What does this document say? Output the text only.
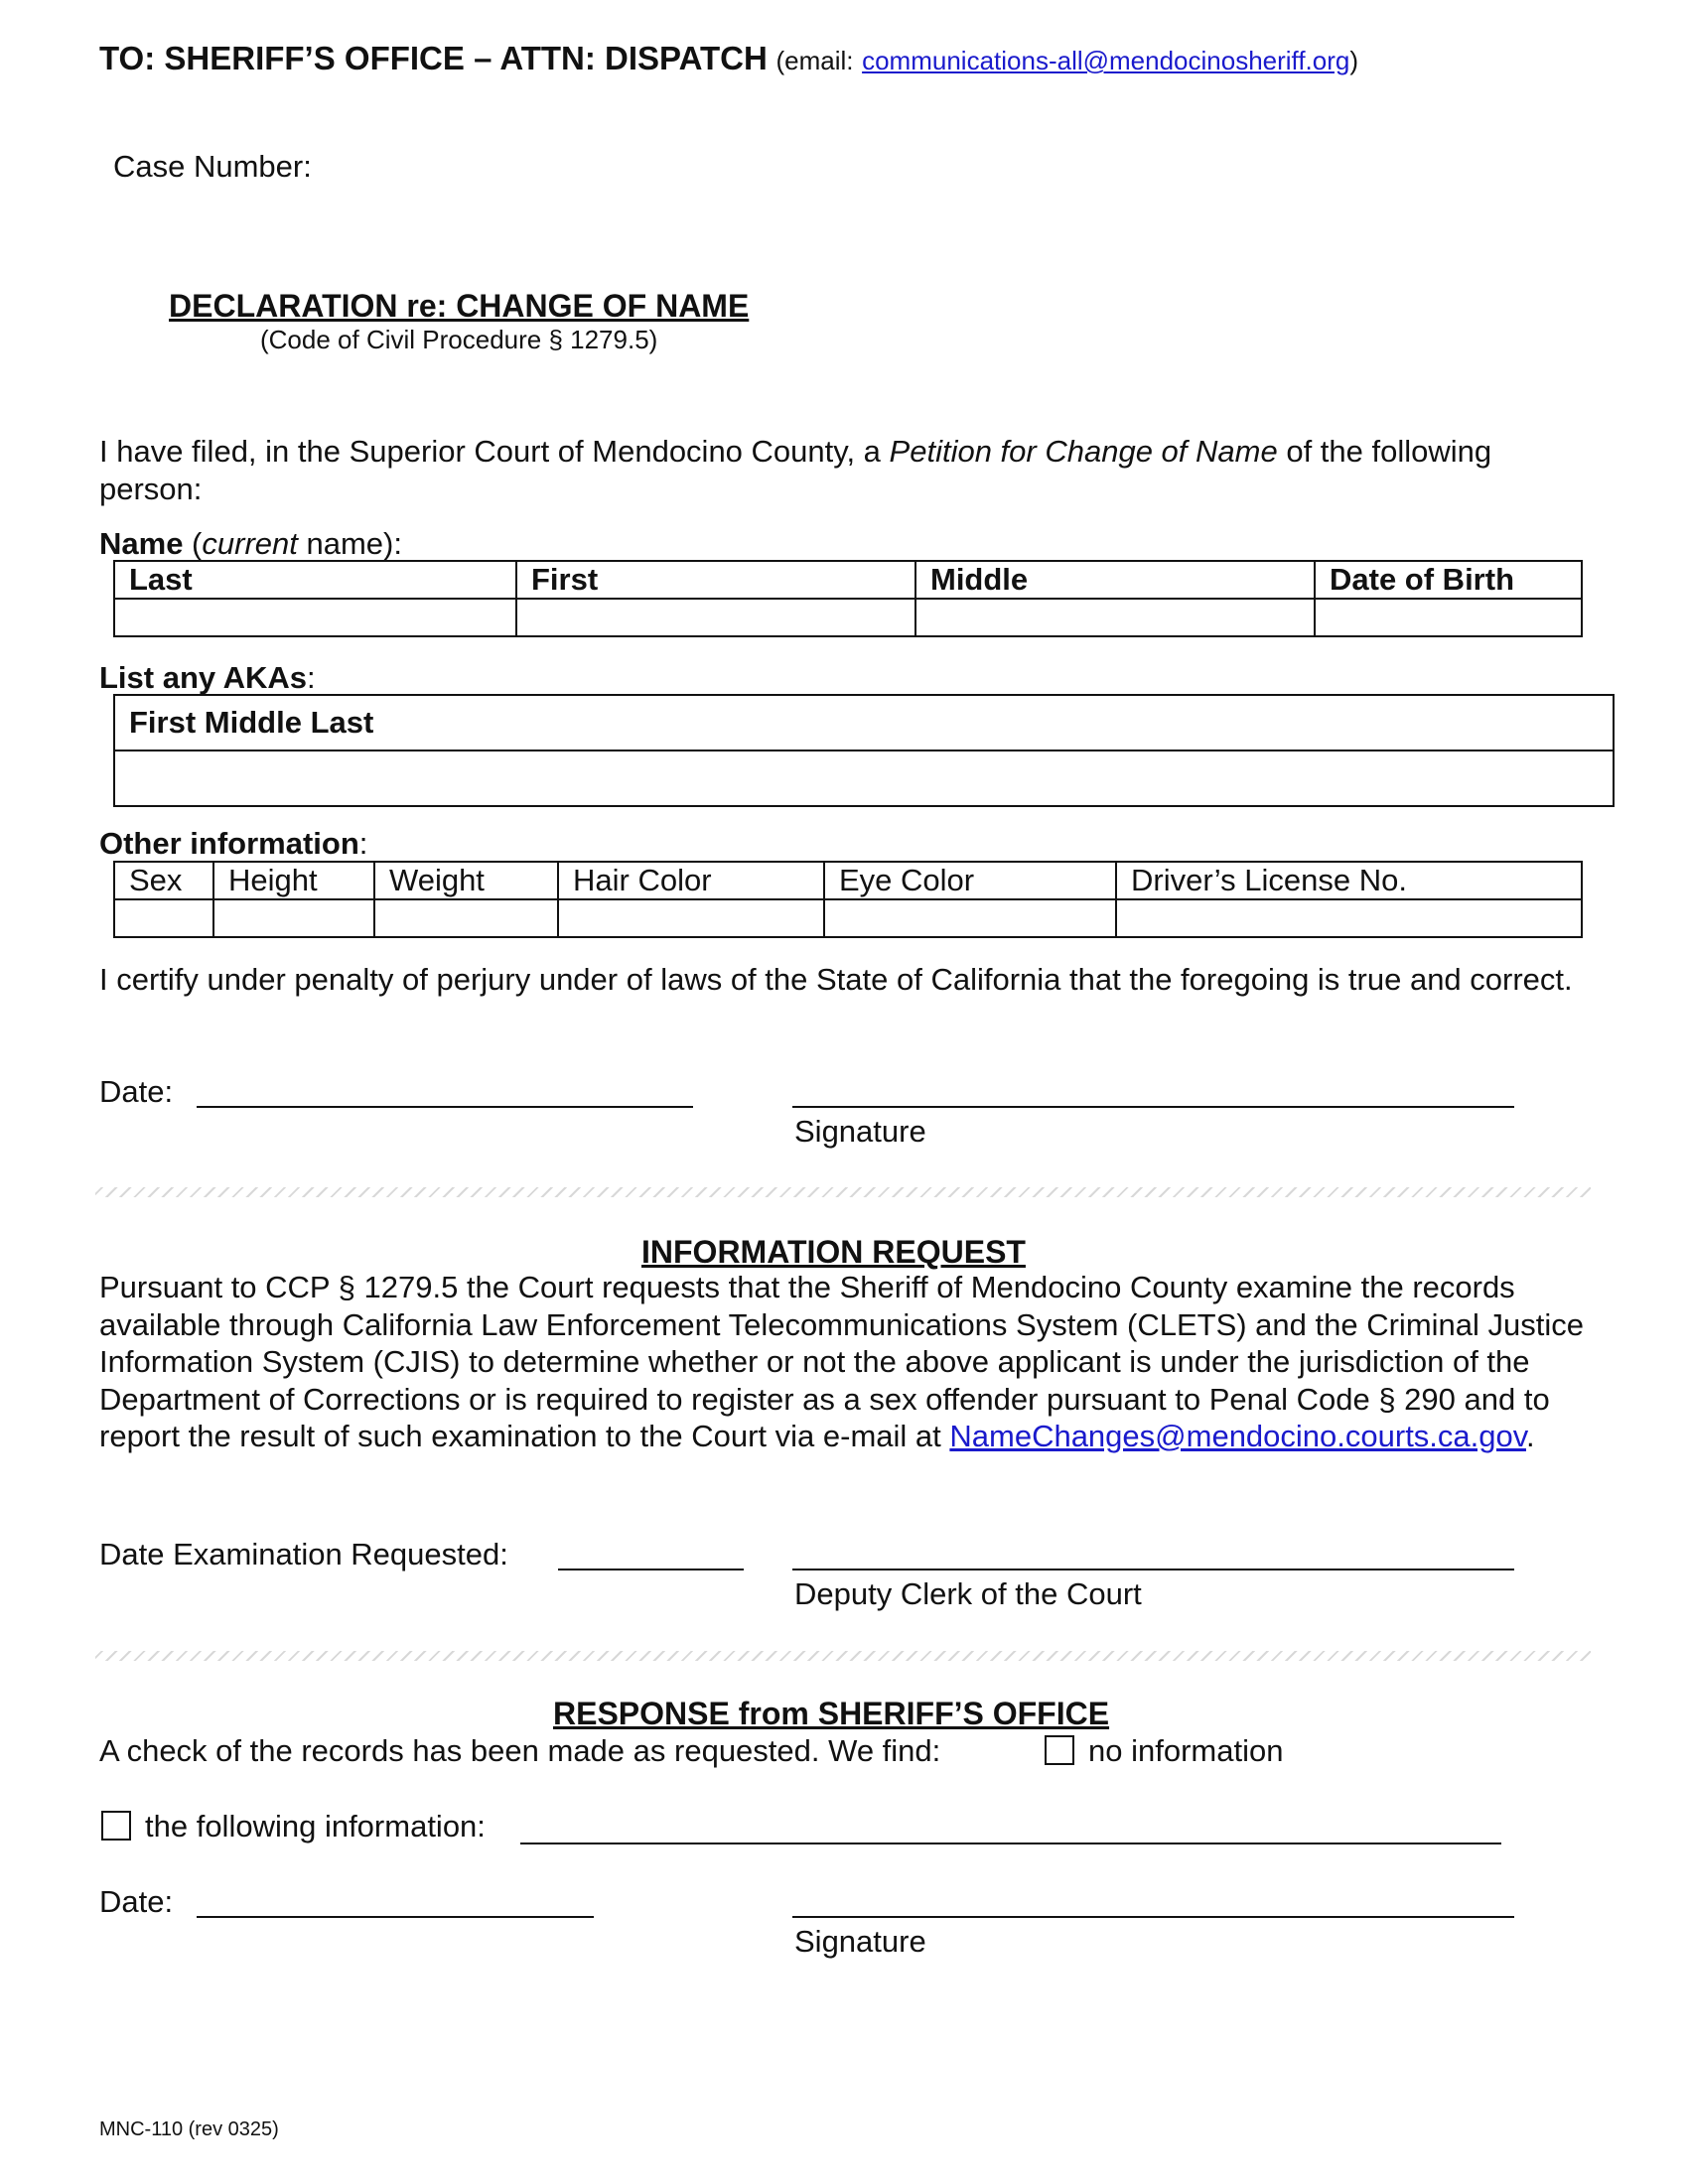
TO: SHERIFF’S OFFICE – ATTN: DISPATCH (email: communications-all@mendocinosheriff.org)
Case Number:
DECLARATION re: CHANGE OF NAME
(Code of Civil Procedure § 1279.5)
I have filed, in the Superior Court of Mendocino County, a Petition for Change of Name of the following person:
Name (current name):
Last	First	Middle	Date of Birth

List any AKAs:
First Middle Last

Other information:
Sex	Height	Weight	Hair Color	Eye Color	Driver’s License No.

I certify under penalty of perjury under of laws of the State of California that the foregoing is true and correct.
Date:
Signature
INFORMATION REQUEST
Pursuant to CCP § 1279.5 the Court requests that the Sheriff of Mendocino County examine the records available through California Law Enforcement Telecommunications System (CLETS) and the Criminal Justice Information System (CJIS) to determine whether or not the above applicant is under the jurisdiction of the Department of Corrections or is required to register as a sex offender pursuant to Penal Code § 290 and to report the result of such examination to the Court via e-mail at NameChanges@mendocino.courts.ca.gov.
Date Examination Requested:
Deputy Clerk of the Court
RESPONSE from SHERIFF’S OFFICE
A check of the records has been made as requested. We find:	no information
the following information:
Date:
Signature
MNC-110 (rev 0325)
